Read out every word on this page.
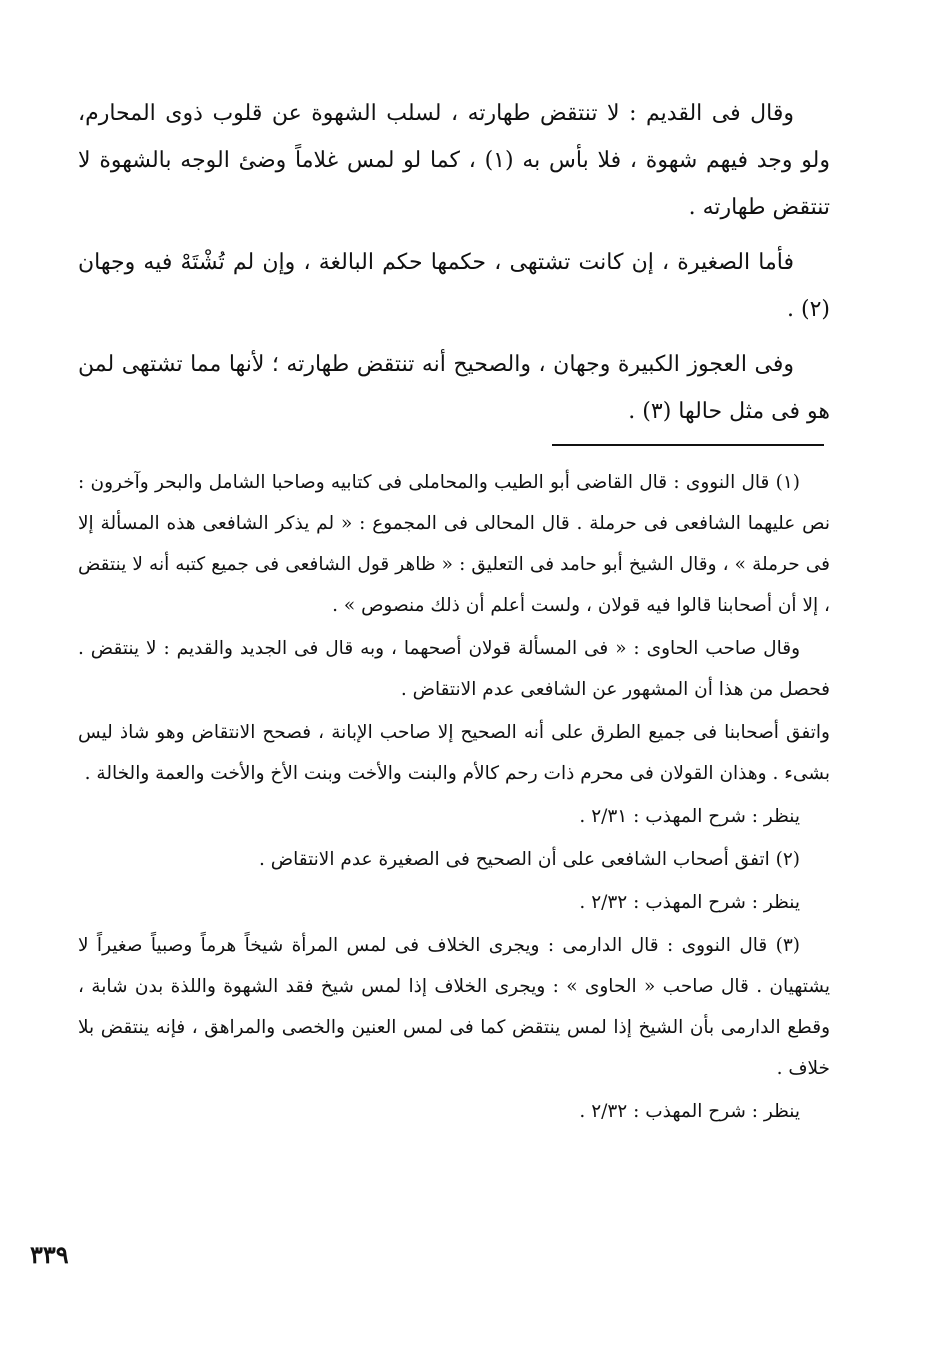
وقال فى القديم : لا تنتقض طهارته ، لسلب الشهوة عن قلوب ذوى المحارم، ولو وجد فيهم شهوة ، فلا بأس به (١) ، كما لو لمس غلاماً وضئ الوجه بالشهوة لا تنتقض طهارته .

فأما الصغيرة ، إن كانت تشتهى ، حكمها حكم البالغة ، وإن لم تُشْتَهْ فيه وجهان (٢) .

وفى العجوز الكبيرة وجهان ، والصحيح أنه تنتقض طهارته ؛ لأنها مما تشتهى لمن هو فى مثل حالها (٣) .

(١) قال النووى : قال القاضى أبو الطيب والمحاملى فى كتابيه وصاحبا الشامل والبحر وآخرون : نص عليهما الشافعى فى حرملة . قال المحالى فى المجموع : « لم يذكر الشافعى هذه المسألة إلا فى حرملة » ، وقال الشيخ أبو حامد فى التعليق : « ظاهر قول الشافعى فى جميع كتبه أنه لا ينتقض ، إلا أن أصحابنا قالوا فيه قولان ، ولست أعلم أن ذلك منصوص » .

وقال صاحب الحاوى : « فى المسألة قولان أصحهما ، وبه قال فى الجديد والقديم : لا ينتقض . فحصل من هذا أن المشهور عن الشافعى عدم الانتقاض .

واتفق أصحابنا فى جميع الطرق على أنه الصحيح إلا صاحب الإبانة ، فصحح الانتقاض وهو شاذ ليس بشىء . وهذان القولان فى محرم ذات رحم كالأم والبنت والأخت وبنت الأخ والأخت والعمة والخالة .

ينظر : شرح المهذب : ٢/٣١ .

(٢) اتفق أصحاب الشافعى على أن الصحيح فى الصغيرة عدم الانتقاض .

ينظر : شرح المهذب : ٢/٣٢ .

(٣) قال النووى : قال الدارمى : ويجرى الخلاف فى لمس المرأة شيخاً هرماً وصبياً صغيراً لا يشتهيان . قال صاحب « الحاوى » : ويجرى الخلاف إذا لمس شيخ فقد الشهوة واللذة بدن شابة ، وقطع الدارمى بأن الشيخ إذا لمس ينتقض كما فى لمس العنين والخصى والمراهق ، فإنه ينتقض بلا خلاف .

ينظر : شرح المهذب : ٢/٣٢ .

٣٣٩
